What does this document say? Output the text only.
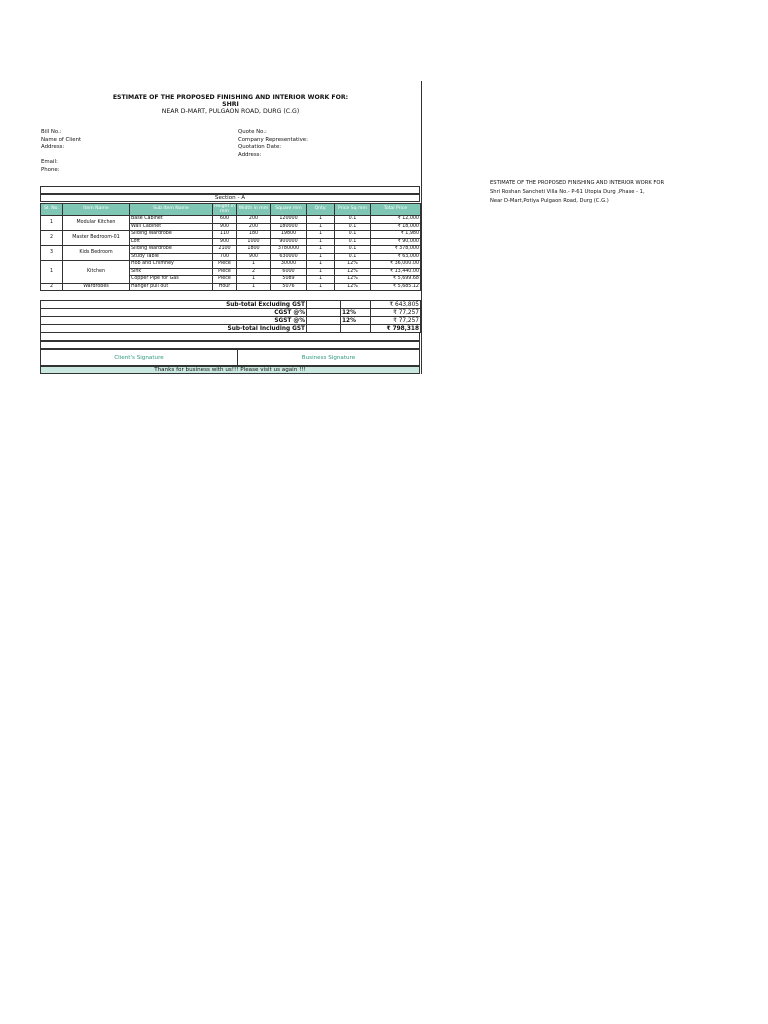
ESTIMATE OF THE PROPOSED FINISHING AND INTERIOR WORK FOR:
SHRI
NEAR D-MART, PULGAON ROAD, DURG (C.G)
Bill No.:
Name of Client
Address:
Email:
Phone:
Quote No.:
Company Representative:
Quotation Date:
Address:
Section - A
Sl. No.	Item Name	Sub Item Name	Height in mm	Width in mm	Square mm	Qnty.	Price Sq mm	Total Price
1	Modular Kitchen	Base Cabinet	600	200	120000	1	0.1	₹ 12,000
		Wall Cabinet	900	200	180000	1	0.1	₹ 18,000
2	Master Bedroom-01	Sliding Wardrobe	110	180	19800	1	0.1	₹ 1,980
		Loft	900	1000	900000	1	0.1	₹ 90,000
3	Kids Bedroom	Sliding Wardrobe	2100	1800	3780000	1	0.1	₹ 378,000
		Study Table	700	900	630000	1	0.1	₹ 63,000
1	Kitchen	Hob and Chimney	Piece	1	30000	1	12%	₹ 36,000.00
		Sink	Piece	2	6000	1	12%	₹ 13,440.00
		Copper Pipe for Gas	Piece	1	5089	1	12%	₹ 5,699.68
2	Wardrobes	Hanger pull out	Hour	1	5076	1	12%	₹ 5,685.12
Sub-total Excluding GST			₹ 643,805
CGST @%		12%	₹ 77,257
SGST @%		12%	₹ 77,257
Sub-total Including GST			₹ 798,318
Client's Signature	Business Signature
Thanks for business with us!!! Please visit us again !!!
ESTIMATE OF THE PROPOSED FINISHING AND INTERIOR WORK FOR
Shri Roshan Sancheti Villa No.- P-61 Utopia Durg ,Phase - 1,
Near D-Mart,Potiya Pulgaon Road, Durg (C.G.)
